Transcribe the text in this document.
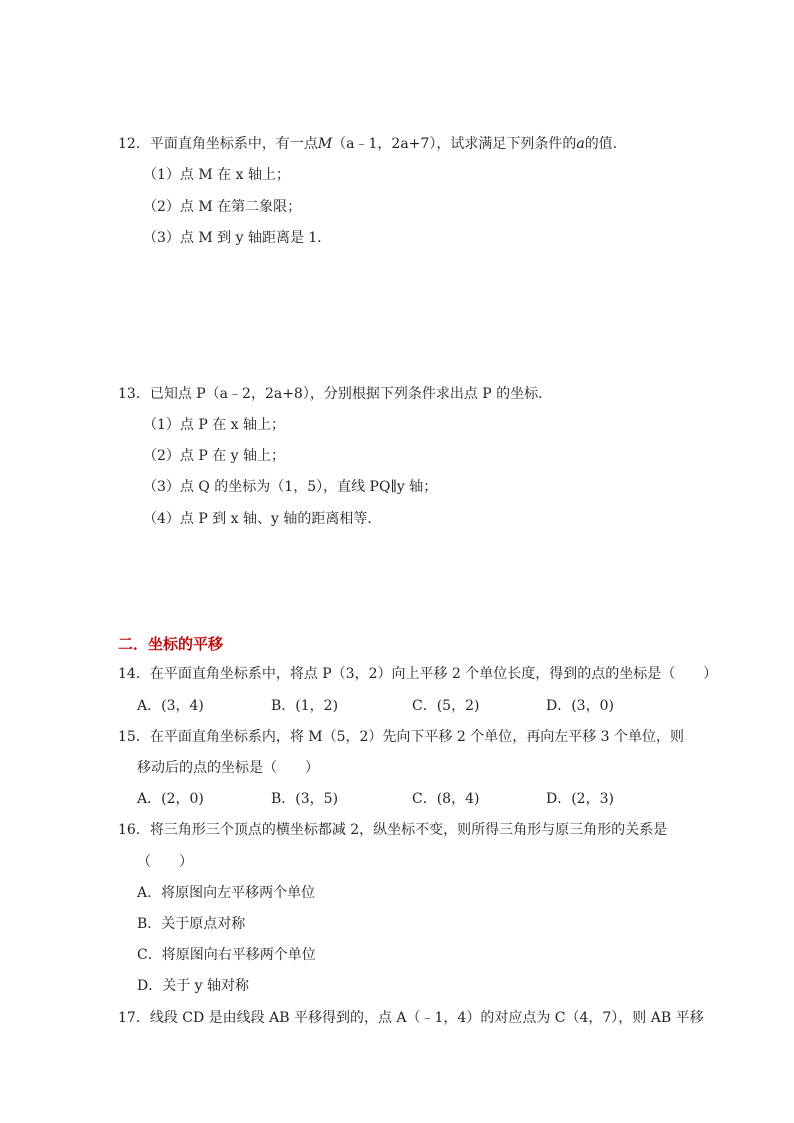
12．平面直角坐标系中，有一点M（a﹣1，2a+7），试求满足下列条件的a的值．
（1）点 M 在 x 轴上；
（2）点 M 在第二象限；
（3）点 M 到 y 轴距离是 1．
13．已知点 P（a﹣2，2a+8），分别根据下列条件求出点 P 的坐标．
（1）点 P 在 x 轴上；
（2）点 P 在 y 轴上；
（3）点 Q 的坐标为（1，5），直线 PQ∥y 轴；
（4）点 P 到 x 轴、y 轴的距离相等．
二．坐标的平移
14．在平面直角坐标系中，将点 P（3，2）向上平移 2 个单位长度，得到的点的坐标是（　　）
A．(3，4)	B．(1，2)	C．(5，2)	D．(3，0)
15．在平面直角坐标系内，将 M（5，2）先向下平移 2 个单位，再向左平移 3 个单位，则
移动后的点的坐标是（　　）
A．(2，0)	B．(3，5)	C．(8，4)	D．(2，3)
16．将三角形三个顶点的横坐标都减 2，纵坐标不变，则所得三角形与原三角形的关系是
（　　）
A．将原图向左平移两个单位
B．关于原点对称
C．将原图向右平移两个单位
D．关于 y 轴对称
17．线段 CD 是由线段 AB 平移得到的，点 A（﹣1，4）的对应点为 C（4，7），则 AB 平移
